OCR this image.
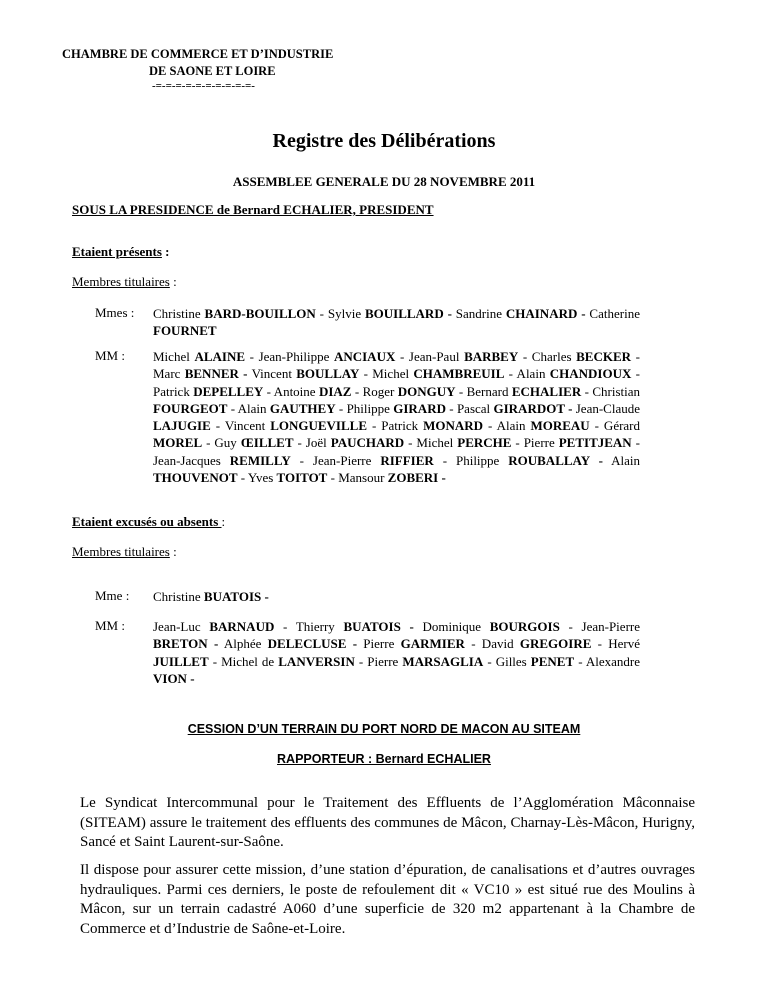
CHAMBRE DE COMMERCE ET D’INDUSTRIE
DE SAONE ET LOIRE
-=-=-=-=-=-=-=-=-=-=-
Registre des Délibérations
ASSEMBLEE GENERALE DU 28 NOVEMBRE 2011
SOUS LA PRESIDENCE de Bernard ECHALIER, PRESIDENT
Etaient présents :
Membres titulaires :
Mmes : Christine BARD-BOUILLON - Sylvie BOUILLARD - Sandrine CHAINARD - Catherine FOURNET
MM : Michel ALAINE - Jean-Philippe ANCIAUX - Jean-Paul BARBEY - Charles BECKER - Marc BENNER - Vincent BOULLAY - Michel CHAMBREUIL - Alain CHANDIOUX - Patrick DEPELLEY - Antoine DIAZ - Roger DONGUY - Bernard ECHALIER - Christian FOURGEOT - Alain GAUTHEY - Philippe GIRARD - Pascal GIRARDOT - Jean-Claude LAJUGIE - Vincent LONGUEVILLE - Patrick MONARD - Alain MOREAU - Gérard MOREL - Guy ŒILLET - Joël PAUCHARD - Michel PERCHE - Pierre PETITJEAN - Jean-Jacques REMILLY - Jean-Pierre RIFFIER - Philippe ROUBALLAY - Alain THOUVENOT - Yves TOITOT - Mansour ZOBERI -
Etaient excusés ou absents :
Membres titulaires :
Mme : Christine BUATOIS -
MM : Jean-Luc BARNAUD - Thierry BUATOIS - Dominique BOURGOIS - Jean-Pierre BRETON - Alphée DELECLUSE - Pierre GARMIER - David GREGOIRE - Hervé JUILLET - Michel de LANVERSIN - Pierre MARSAGLIA - Gilles PENET - Alexandre VION -
CESSION D’UN TERRAIN DU PORT NORD DE MACON AU SITEAM
RAPPORTEUR : Bernard ECHALIER
Le Syndicat Intercommunal pour le Traitement des Effluents de l’Agglomération Mâconnaise (SITEAM) assure le traitement des effluents des communes de Mâcon, Charnay-Lès-Mâcon, Hurigny, Sancé et Saint Laurent-sur-Saône.
Il dispose pour assurer cette mission, d’une station d’épuration, de canalisations et d’autres ouvrages hydrauliques. Parmi ces derniers, le poste de refoulement dit « VC10 » est situé rue des Moulins à Mâcon, sur un terrain cadastré A060 d’une superficie de 320 m2 appartenant à la Chambre de Commerce et d’Industrie de Saône-et-Loire.
